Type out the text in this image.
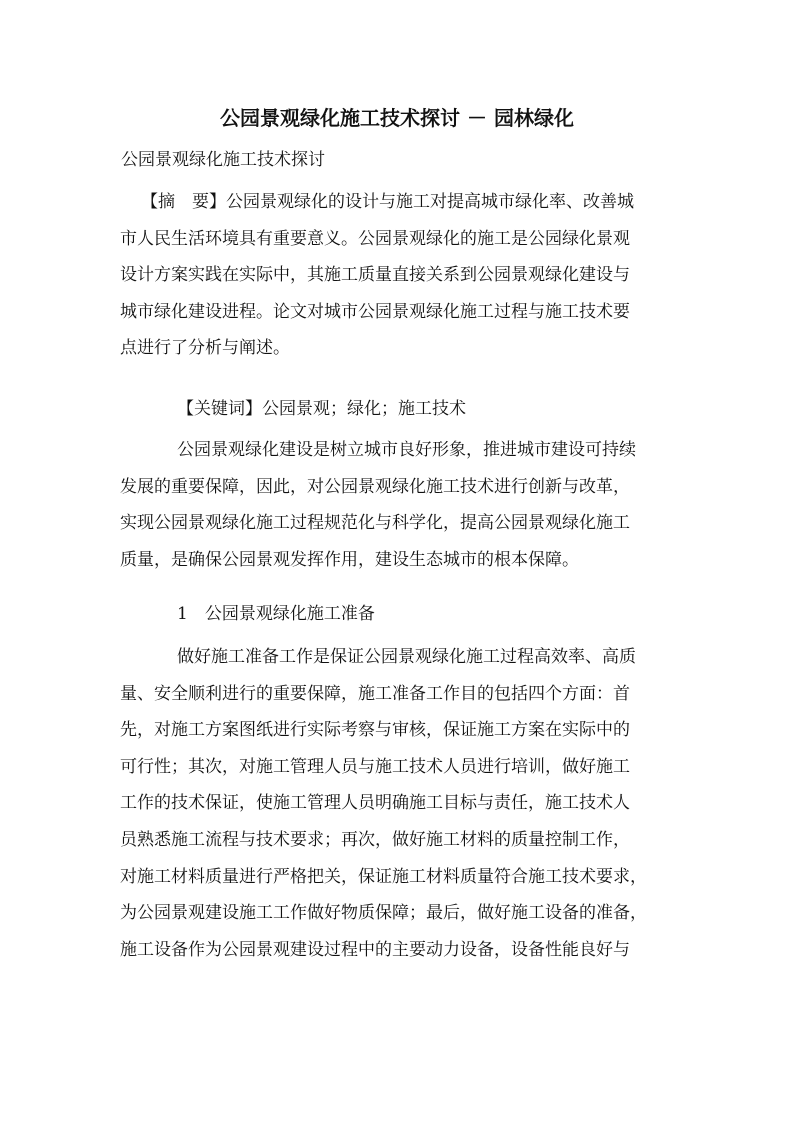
公园景观绿化施工技术探讨 － 园林绿化
公园景观绿化施工技术探讨
【摘　要】公园景观绿化的设计与施工对提高城市绿化率、改善城
市人民生活环境具有重要意义。公园景观绿化的施工是公园绿化景观
设计方案实践在实际中，其施工质量直接关系到公园景观绿化建设与
城市绿化建设进程。论文对城市公园景观绿化施工过程与施工技术要
点进行了分析与阐述。
【关键词】公园景观；绿化；施工技术
公园景观绿化建设是树立城市良好形象，推进城市建设可持续
发展的重要保障，因此，对公园景观绿化施工技术进行创新与改革，
实现公园景观绿化施工过程规范化与科学化，提高公园景观绿化施工
质量，是确保公园景观发挥作用，建设生态城市的根本保障。
1　公园景观绿化施工准备
做好施工准备工作是保证公园景观绿化施工过程高效率、高质
量、安全顺利进行的重要保障，施工准备工作目的包括四个方面：首
先，对施工方案图纸进行实际考察与审核，保证施工方案在实际中的
可行性；其次，对施工管理人员与施工技术人员进行培训，做好施工
工作的技术保证，使施工管理人员明确施工目标与责任，施工技术人
员熟悉施工流程与技术要求；再次，做好施工材料的质量控制工作，
对施工材料质量进行严格把关，保证施工材料质量符合施工技术要求，
为公园景观建设施工工作做好物质保障；最后，做好施工设备的准备，
施工设备作为公园景观建设过程中的主要动力设备，设备性能良好与
